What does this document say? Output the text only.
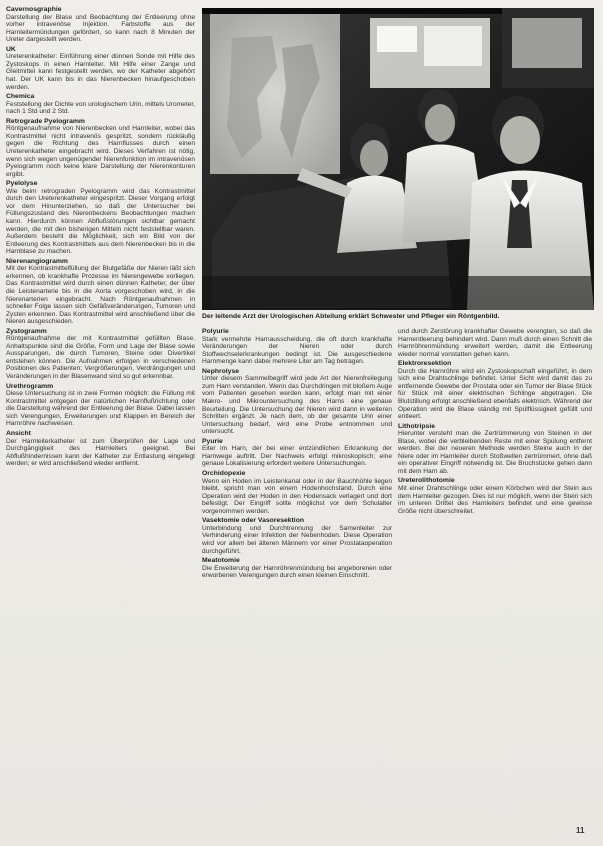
Cavernosgraphie

Darstellung der Blase und Beobachtung der Entleerung ohne vorher intravenöse Injektion. Farbstoffe aus der Harnleitermündungen gefördert, so kann nach 8 Minuten der Ureter dargestellt werden.

UK

Ureterenkatheter: Einführung einer dünnen Sonde mit Hilfe des Zystoskops in einen Harnleiter. Mit Hilfe einer Zange und Gleitmittel kann festgestellt werden, wo der Katheter abgehört hat. Der UK kann bis in das Nierenbecken hinaufgeschoben werden.

Chemica

Feststellung der Dichte von urologischem Urin, mittels Urometer, nach 1 Std und 2 Std.

Retrograde Pyelogramm

Röntgenaufnahme von Nierenbecken und Harnleiter, wobei das Kontrastmittel nicht intravenös gespritzt, sondern rückläufig gegen die Richtung des Harnflusses durch einen Ureterenkatheter eingebracht wird. Dieses Verfahren ist nötig, wenn sich wegen ungenügender Nierenfunktion im intravenösen Pyelogramm noch keine klare Darstellung der Nierenkonturen ergibt.

Pyelolyse

Wie beim retrograden Pyelogramm wird das Kontrastmittel durch den Ureterenkatheter eingespritzt. Dieser Vorgang erfolgt vor dem Hinunterziehen, so daß der Untersucher bei Füllungszustand des Nierenbeckens Beobachtungen machen kann. Hierdurch können Abflußstörungen sichtbar gemacht werden, die mit den bisherigen Mitteln nicht feststellbar waren. Außerdem besteht die Möglichkeit, sich ein Bild von der Entleerung des Kontrastmittels aus dem Nierenbecken bis in die Harnblase zu machen.

Nierenangiogramm

Mit der Kontrastmittelfüllung der Blutgefäße der Nieren läßt sich erkennen, ob krankhafte Prozesse im Nierengewebe vorliegen. Das Kontrastmittel wird durch einen dünnen Katheter, der über die Leistenarterie bis in die Aorta vorgeschoben wird, in die Nierenarterien eingebracht. Nach Röntgenaufnahmen in schneller Folge lassen sich Gefäßveränderungen, Tumoren und Zysten erkennen. Das Kontrastmittel wird anschließend über die Nieren ausgeschieden.

Zystogramm

Röntgenaufnahme der mit Kontrastmittel gefüllten Blase. Anhaltspunkte sind die Größe, Form und Lage der Blase sowie Aussparungen, die durch Tumoren, Steine oder Divertikel entstehen können. Die Aufnahmen erfolgen in verschiedenen Positionen des Patienten; Vergrößerungen, Verdrängungen und Veränderungen in der Blasenwand sind so gut erkennbar.

Urethrogramm

Diese Untersuchung ist in zwei Formen möglich: die Füllung mit Kontrastmittel entgegen der natürlichen Harnflußrichtung oder die Darstellung während der Entleerung der Blase. Dabei lassen sich Verengungen, Erweiterungen und Klappen im Bereich der Harnröhre nachweisen.

Ansicht

Der Harnleiterkatheter ist zum Überprüfen der Lage und Durchgängigkeit des Harnleiters geeignet. Bei Abflußhindernissen kann der Katheter zur Entlastung eingelegt werden; er wird anschließend wieder entfernt.

Der leitende Arzt der Urologischen Abteilung erklärt Schwester und Pfleger ein Röntgenbild.
Polyurie

Stark vermehrte Harnausscheidung, die oft durch krankhafte Veränderungen der Nieren oder durch Stoffwechselerkrankungen bedingt ist. Die ausgeschiedene Harnmenge kann dabei mehrere Liter am Tag betragen.

Nephrolyse

Unter diesem Sammelbegriff wird jede Art der Nierenfreilegung zum Harn verstanden. Wenn das Durchdringen mit bloßem Auge vom Patienten gesehen werden kann, erfolgt man mit einer Makro- und Mikrountersuchung des Harns eine genaue Beurteilung. Die Untersuchung der Nieren wird dann in weiteren Schritten ergänzt. Je nach dem, ob der gesamte Urin einer Untersuchung bedarf, wird eine Probe entnommen und untersucht.

Pyurie

Eiter im Harn, der bei einer entzündlichen Erkrankung der Harnwege auftritt. Der Nachweis erfolgt mikroskopisch; eine genaue Lokalisierung erfordert weitere Untersuchungen.

Orchidopexie

Wenn ein Hoden im Leistenkanal oder in der Bauchhöhle liegen bleibt, spricht man von einem Hodenhochstand. Durch eine Operation wird der Hoden in den Hodensack verlagert und dort befestigt. Der Eingriff sollte möglichst vor dem Schulalter vorgenommen werden.

Vasektomie oder Vasoresektion

Unterbindung und Durchtrennung der Samenleiter zur Verhinderung einer Infektion der Nebenhoden. Diese Operation wird vor allem bei älteren Männern vor einer Prostataoperation durchgeführt.

Meatotomie

Die Erweiterung der Harnröhrenmündung bei angeborenen oder erworbenen Verengungen durch einen kleinen Einschnitt.

und durch Zerstörung krankhafter Gewebe verengten, so daß die Harnentleerung behindert wird. Dann muß durch einen Schnitt die Harnröhrenmündung erweitert werden, damit die Entleerung wieder normal vonstatten gehen kann.

Elektroresektion

Durch die Harnröhre wird ein Zystoskopschaft eingeführt, in dem sich eine Drahtschlinge befindet. Unter Sicht wird damit das zu entfernende Gewebe der Prostata oder ein Tumor der Blase Stück für Stück mit einer elektrischen Schlinge abgetragen. Die Blutstillung erfolgt anschließend ebenfalls elektrisch. Während der Operation wird die Blase ständig mit Spülflüssigkeit gefüllt und entleert.

Lithotripsie

Hierunter versteht man die Zertrümmerung von Steinen in der Blase, wobei die verbleibenden Reste mit einer Spülung entfernt werden. Bei der neueren Methode werden Steine auch in der Niere oder im Harnleiter durch Stoßwellen zertrümmert, ohne daß ein operativer Eingriff notwendig ist. Die Bruchstücke gehen dann mit dem Harn ab.

Ureterolithotomie

Mit einer Drahtschlinge oder einem Körbchen wird der Stein aus dem Harnleiter gezogen. Dies ist nur möglich, wenn der Stein sich im unteren Drittel des Harnleiters befindet und eine gewisse Größe nicht überschreitet.

11
